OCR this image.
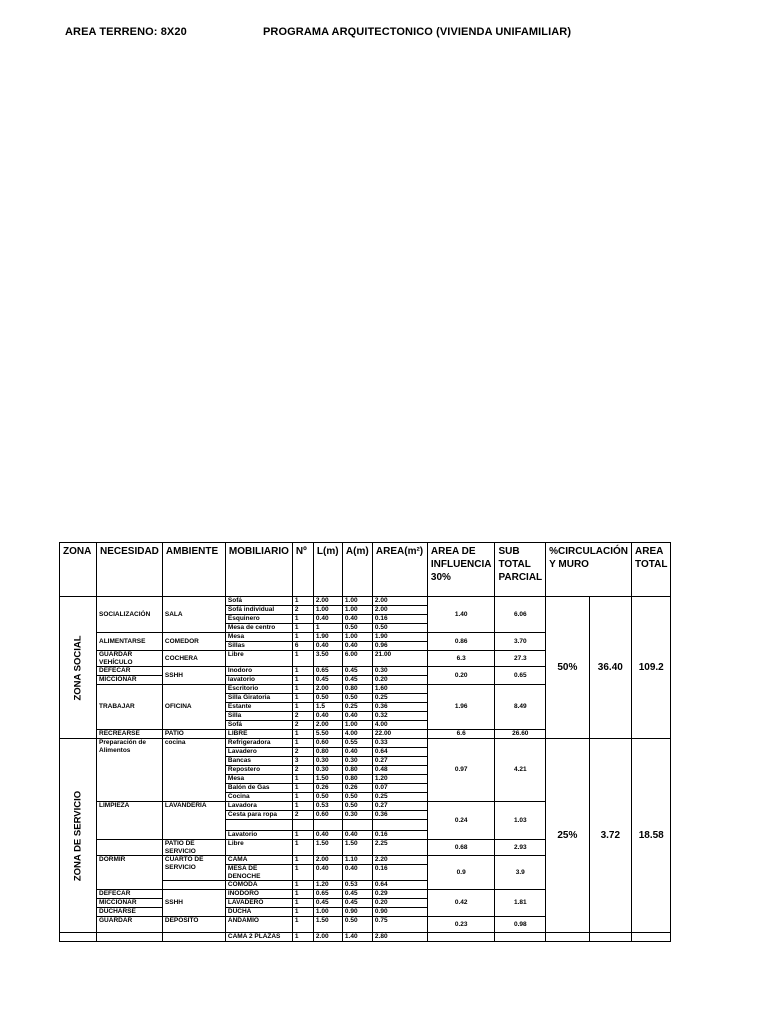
AREA TERRENO: 8X20	PROGRAMA ARQUITECTONICO (VIVIENDA UNIFAMILIAR)
ZONA	NECESIDAD	AMBIENTE	MOBILIARIO	Nº	L(m)	A(m)	AREA(m²)	AREA DE INFLUENCIA
30%	SUB TOTAL PARCIAL	%CIRCULACIÓN Y MURO		AREA TOTAL

ZONA SOCIAL	SOCIALIZACIÓN	SALA	Sofá	1	2.00	1.00	2.00	1.40	6.06	50%	36.40	109.2
			Sofá individual	2	1.00	1.00	2.00					
			Esquinero	1	0.40	0.40	0.16					
			Mesa de centro	1	1	0.50	0.50					
	ALIMENTARSE	COMEDOR	Mesa	1	1.90	1.00	1.90	0.86	3.70			
			Sillas	6	0.40	0.40	0.96					
	GUARDAR VEHÍCULO	COCHERA	Libre	1	3.50	6.00	21.00	6.3	27.3			
	DEFECAR	SSHH	Inodoro	1	0.65	0.45	0.30	0.20	0.65			
	MICCIONAR		lavatorio	1	0.45	0.45	0.20					
	TRABAJAR	OFICINA	Escritorio	1	2.00	0.80	1.60	1.96	8.49			
			Silla Giratoria	1	0.50	0.50	0.25					
			Estante	1	1.5	0.25	0.36					
			Silla	2	0.40	0.40	0.32					
			Sofá	2	2.00	1.00	4.00					
	RECREARSE	PATIO	LIBRE	1	5.50	4.00	22.00	6.6	26.60			

ZONA DE SERVICIO	Preparación de Alimentos	cocina	Refrigeradora	1	0.60	0.55	0.33	0.97	4.21	25%	3.72	18.58
			Lavadero	2	0.80	0.40	0.64					
			Bancas	3	0.30	0.30	0.27					
			Repostero	2	0.30	0.80	0.48					
			Mesa	1	1.50	0.80	1.20					
			Balón de Gas	1	0.26	0.26	0.07					
			Cocina	1	0.50	0.50	0.25					
	LIMPIEZA	LAVANDERIA	Lavadora	1	0.53	0.50	0.27	0.24	1.03			
			Cesta para ropa	2	0.60	0.30	0.36					

			Lavatorio	1	0.40	0.40	0.16					
		PATIO DE SERVICIO	Libre	1	1.50	1.50	2.25	0.68	2.93			
	DORMIR	CUARTO DE SERVICIO	CAMA	1	2.00	1.10	2.20	0.9	3.9			
			MESA DE DENOCHE	1	0.40	0.40	0.16					
			COMODA	1	1.20	0.53	0.64					
	DEFECAR	SSHH	INODORO	1	0.65	0.45	0.29	0.42	1.81			
	MICCIONAR		LAVADERO	1	0.45	0.45	0.20					
	DUCHARSE		DUCHA	1	1.00	0.90	0.90					
	GUARDAR	DEPÓSITO	ANDAMIO	1	1.50	0.50	0.75	0.23	0.98			
			CAMA 2 PLAZAS	1	2.00	1.40	2.80					
